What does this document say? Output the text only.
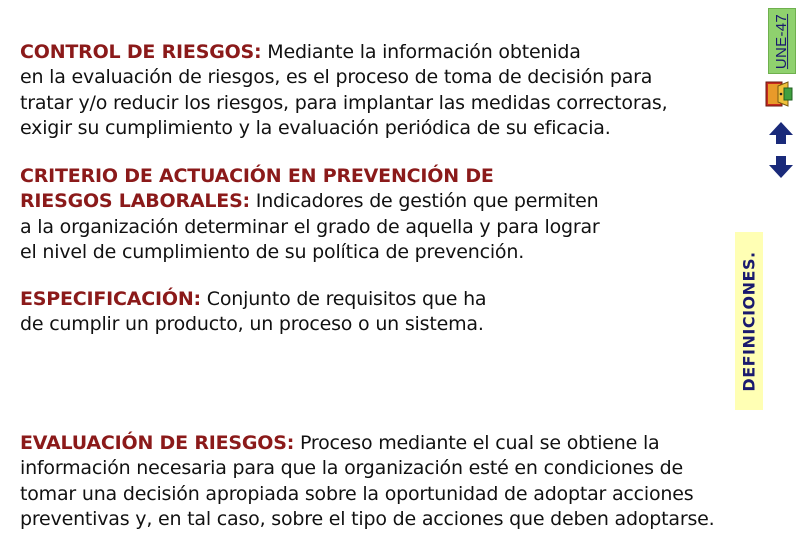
CONTROL DE RIESGOS: Mediante la información obtenida
en la evaluación de riesgos, es el proceso de toma de decisión para
tratar y/o reducir los riesgos, para implantar las medidas correctoras,
exigir su cumplimiento y la evaluación periódica de su eficacia.

CRITERIO DE ACTUACIÓN EN PREVENCIÓN DE
RIESGOS LABORALES: Indicadores de gestión que permiten
a la organización determinar el grado de aquella y para lograr
el nivel de cumplimiento de su política de prevención.

ESPECIFICACIÓN: Conjunto de requisitos que ha
de cumplir un producto, un proceso o un sistema.

EVALUACIÓN DE RIESGOS: Proceso mediante el cual se obtiene la
información necesaria para que la organización esté en condiciones de
tomar una decisión apropiada sobre la oportunidad de adoptar acciones
preventivas y, en tal caso, sobre el tipo de acciones que deben adoptarse.

UNE-47
DEFINICIONES.
